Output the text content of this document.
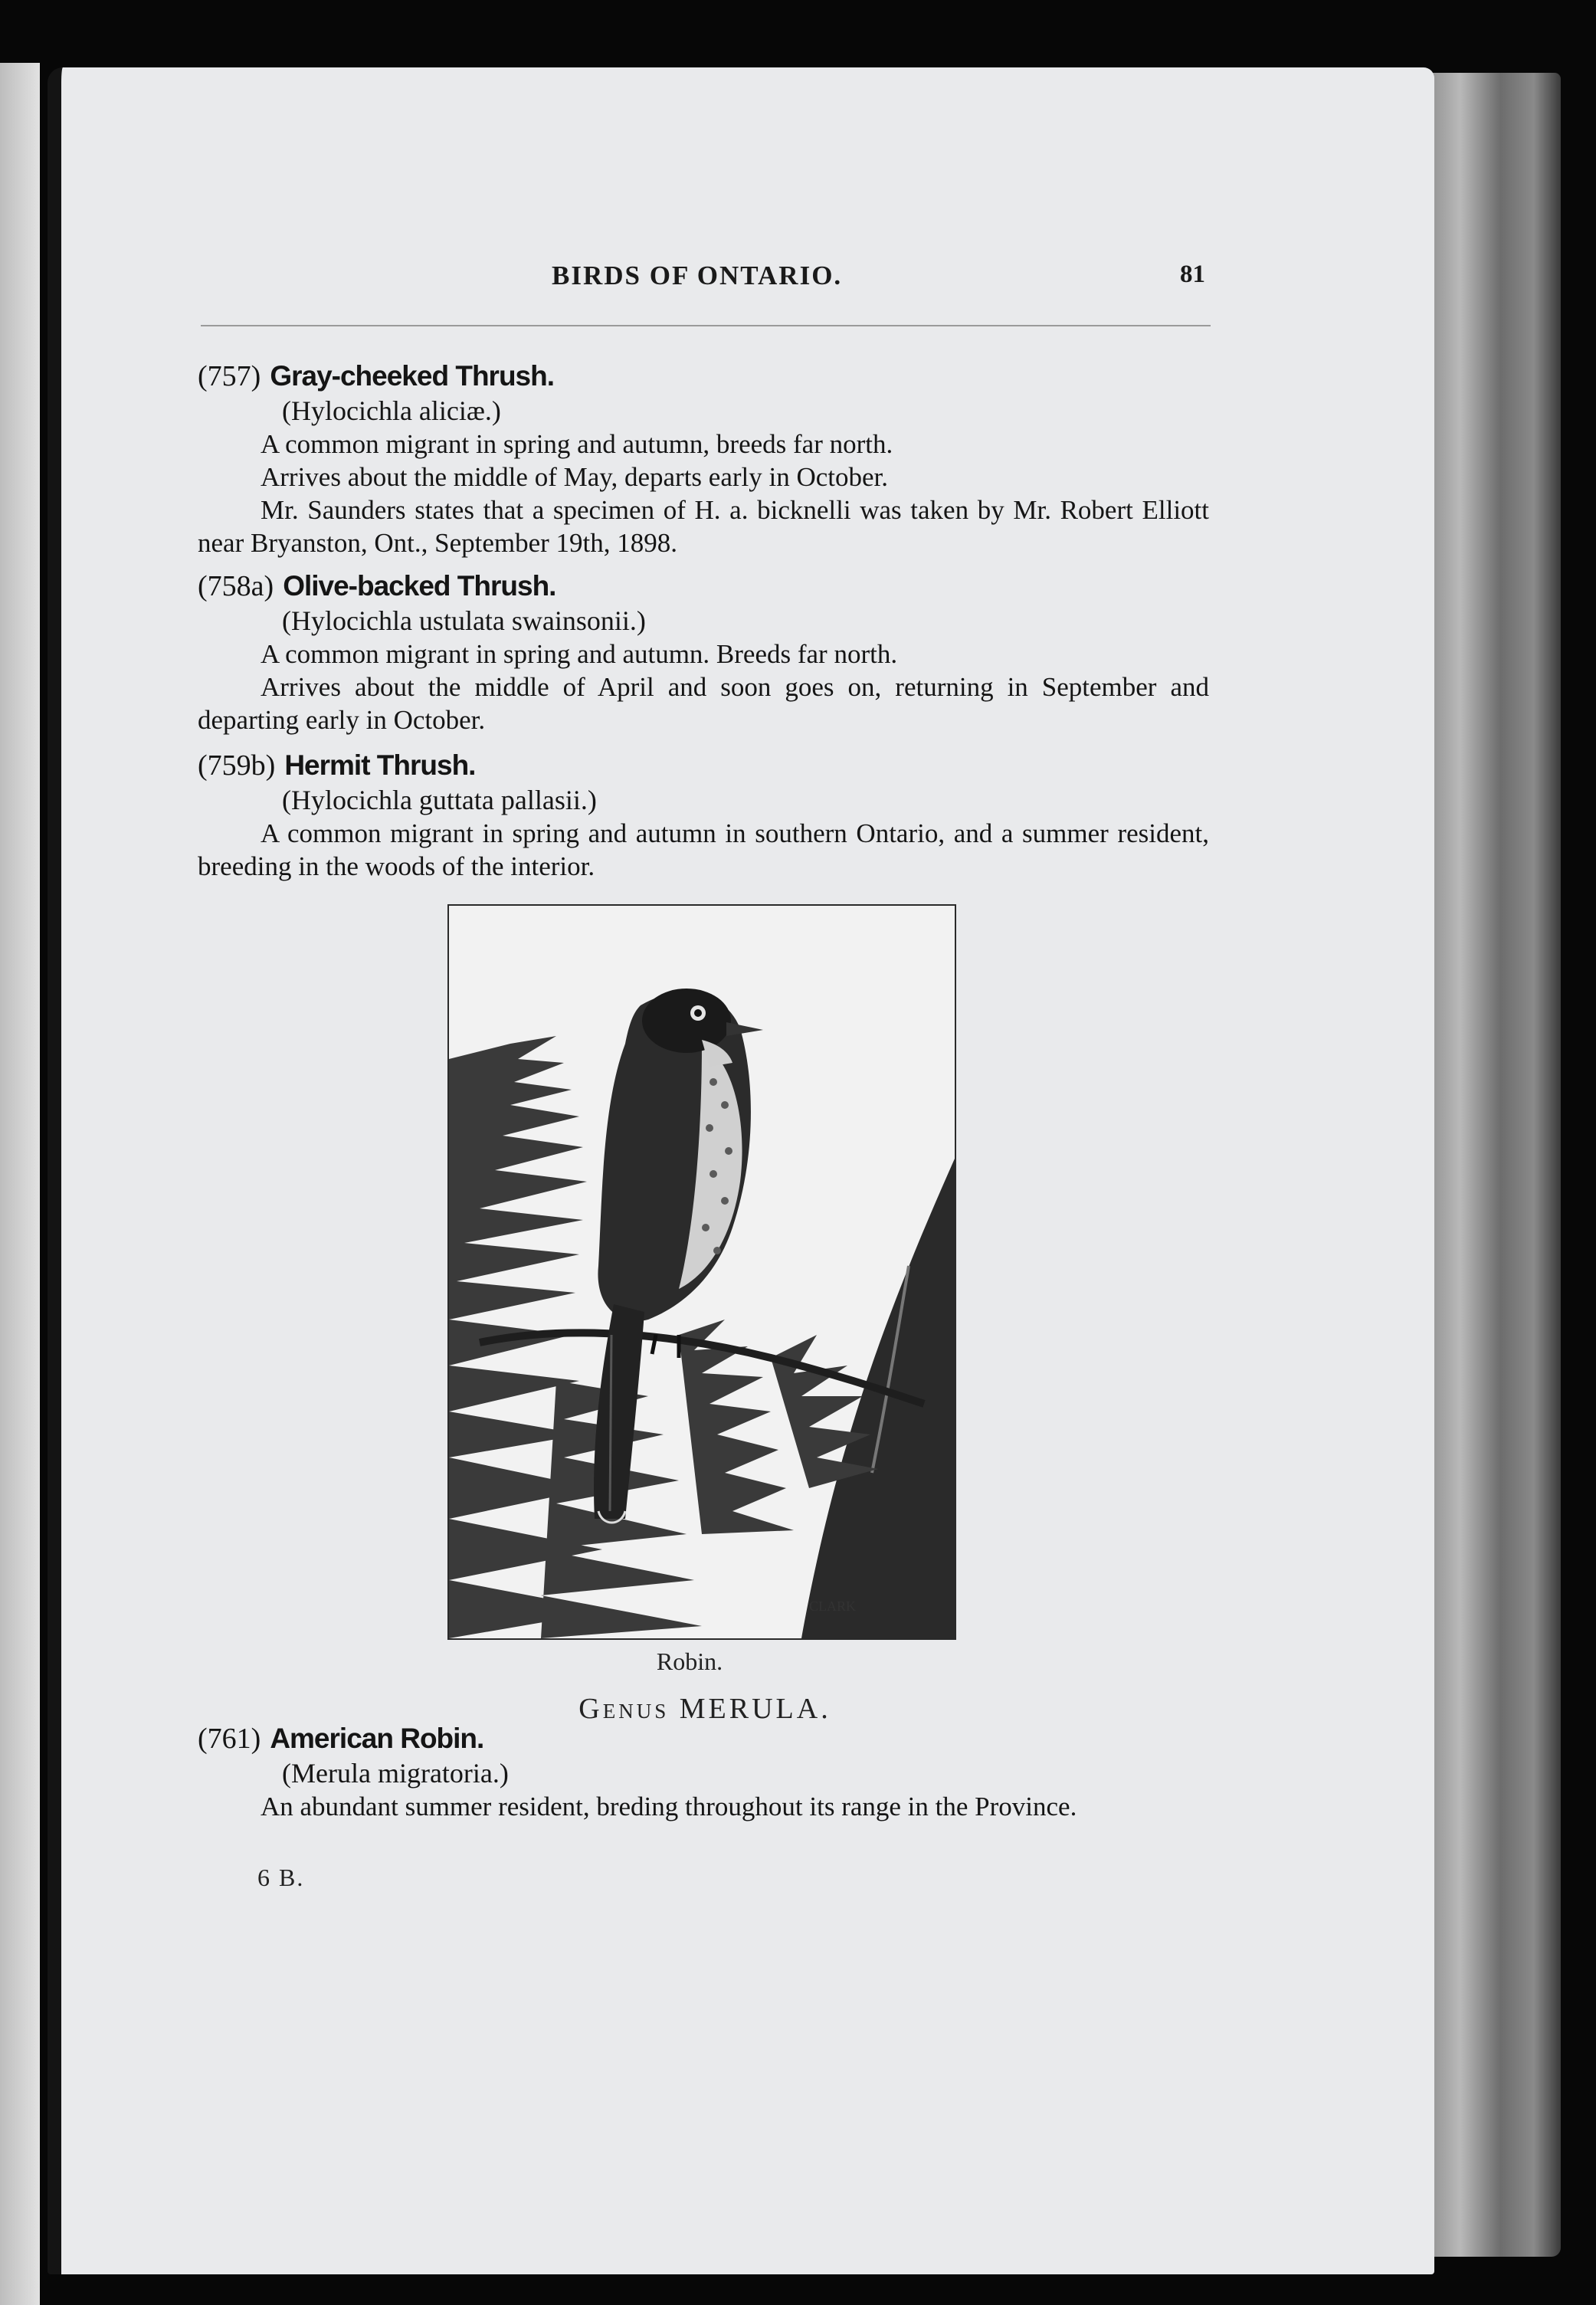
BIRDS OF ONTARIO.	81
(757) Gray-cheeked Thrush.
(Hylocichla aliciæ.)

A common migrant in spring and autumn, breeds far north.

Arrives about the middle of May, departs early in October.

Mr. Saunders states that a specimen of H. a. bicknelli was taken by Mr. Robert Elliott near Bryanston, Ont., September 19th, 1898.

(758a) Olive-backed Thrush.
(Hylocichla ustulata swainsonii.)

A common migrant in spring and autumn. Breeds far north.

Arrives about the middle of April and soon goes on, returning in September and departing early in October.

(759b) Hermit Thrush.
(Hylocichla guttata pallasii.)

A common migrant in spring and autumn in southern Ontario, and a summer resident, breeding in the woods of the interior.

CLARK
Robin.
Genus MERULA.
(761) American Robin.
(Merula migratoria.)

An abundant summer resident, breding throughout its range in the Province.

6 B.
